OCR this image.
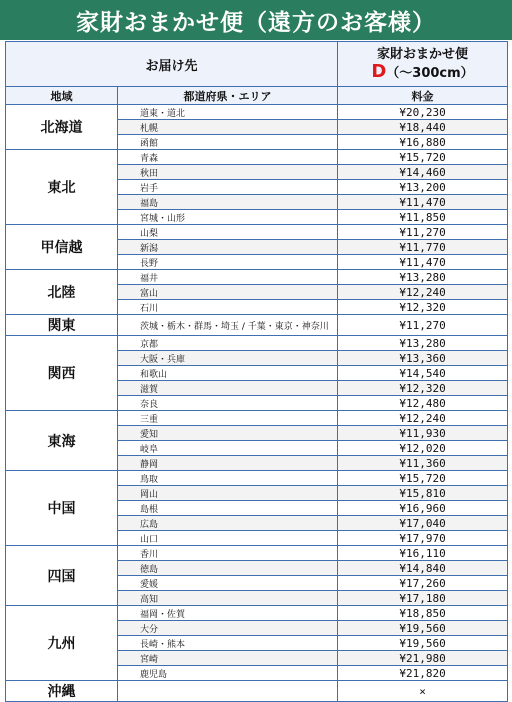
家財おまかせ便（遠方のお客様）
お届け先		家財おまかせ便
D（～300cm）

地域	都道府県・エリア	料金
北海道	道東・道北	¥20,230
	札幌	¥18,440
	函館	¥16,880
東北	青森	¥15,720
	秋田	¥14,460
	岩手	¥13,200
	福島	¥11,470
	宮城・山形	¥11,850
甲信越	山梨	¥11,270
	新潟	¥11,770
	長野	¥11,470
北陸	福井	¥13,280
	富山	¥12,240
	石川	¥12,320
関東	茨城・栃木・群馬・埼玉 / 千葉・東京・神奈川	¥11,270
関西	京都	¥13,280
	大阪・兵庫	¥13,360
	和歌山	¥14,540
	滋賀	¥12,320
	奈良	¥12,480
東海	三重	¥12,240
	愛知	¥11,930
	岐阜	¥12,020
	静岡	¥11,360
中国	鳥取	¥15,720
	岡山	¥15,810
	島根	¥16,960
	広島	¥17,040
	山口	¥17,970
四国	香川	¥16,110
	徳島	¥14,840
	愛媛	¥17,260
	高知	¥17,180
九州	福岡・佐賀	¥18,850
	大分	¥19,560
	長崎・熊本	¥19,560
	宮崎	¥21,980
	鹿児島	¥21,820
沖縄		×
